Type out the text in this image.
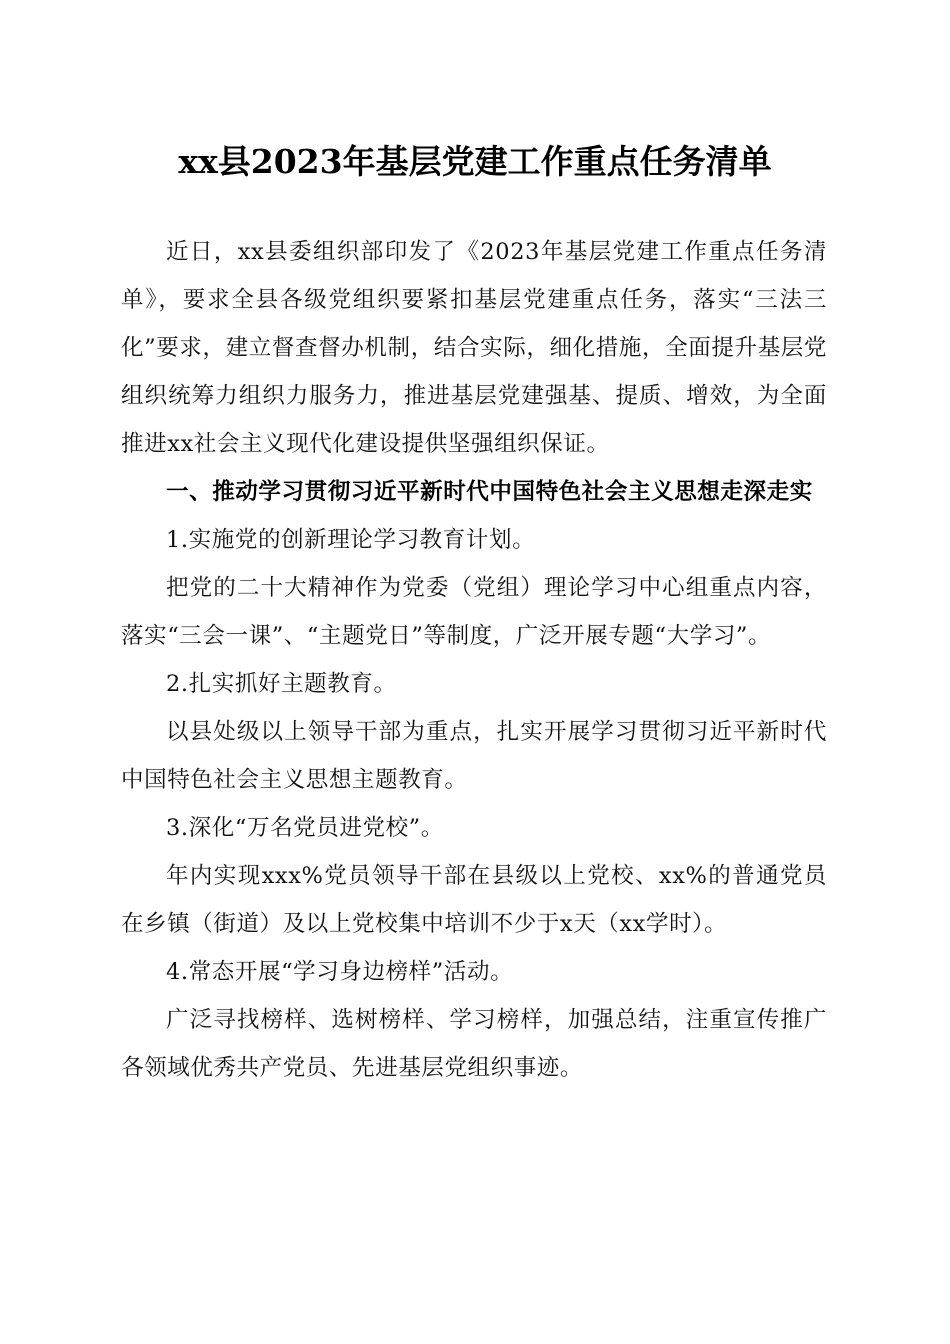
xx县2023年基层党建工作重点任务清单

近日，xx县委组织部印发了《2023年基层党建工作重点任务清单》，要求全县各级党组织要紧扣基层党建重点任务，落实“三法三化”要求，建立督查督办机制，结合实际，细化措施，全面提升基层党组织统筹力组织力服务力，推进基层党建强基、提质、增效，为全面推进xx社会主义现代化建设提供坚强组织保证。

一、推动学习贯彻习近平新时代中国特色社会主义思想走深走实

1.实施党的创新理论学习教育计划。

把党的二十大精神作为党委（党组）理论学习中心组重点内容，落实“三会一课”、“主题党日”等制度，广泛开展专题“大学习”。

2.扎实抓好主题教育。

以县处级以上领导干部为重点，扎实开展学习贯彻习近平新时代中国特色社会主义思想主题教育。

3.深化“万名党员进党校”。

年内实现xxx%党员领导干部在县级以上党校、xx%的普通党员在乡镇（街道）及以上党校集中培训不少于x天（xx学时）。

4.常态开展“学习身边榜样”活动。

广泛寻找榜样、选树榜样、学习榜样，加强总结，注重宣传推广各领域优秀共产党员、先进基层党组织事迹。
